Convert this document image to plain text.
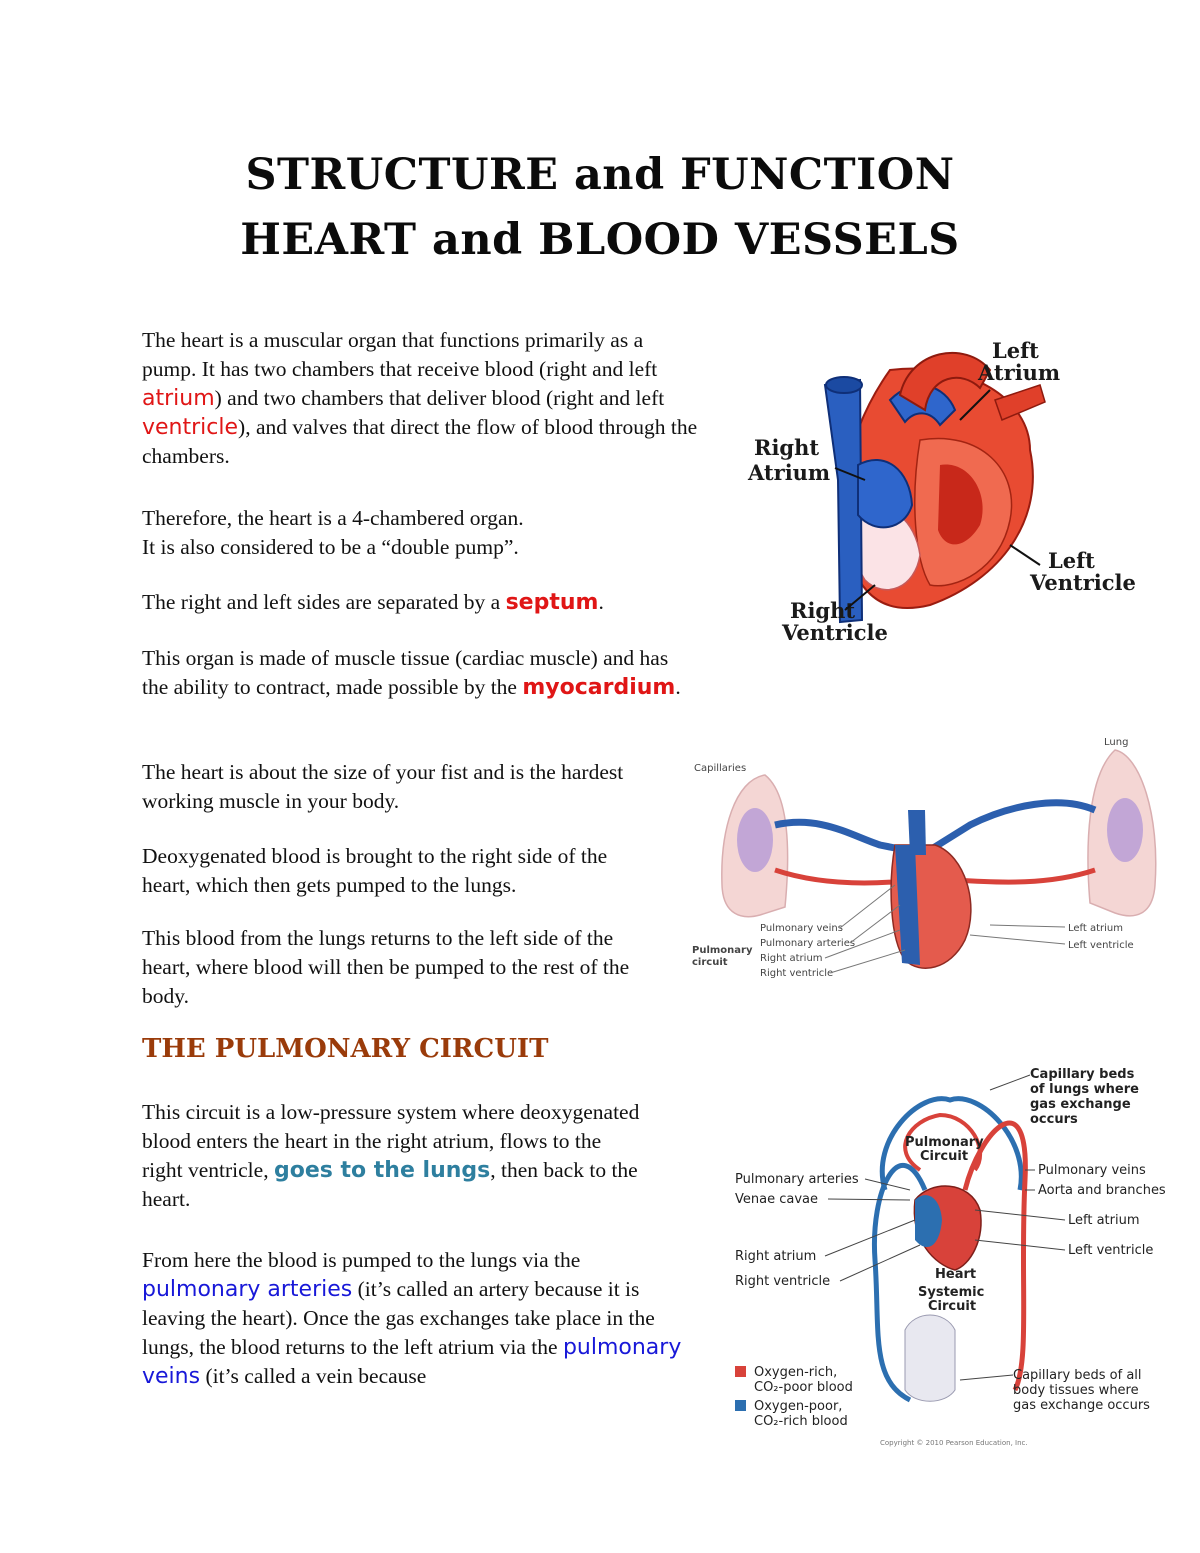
STRUCTURE and FUNCTION
HEART and BLOOD VESSELS

The heart is a muscular organ that functions primarily as a pump. It has two chambers that receive blood (right and left atrium) and two chambers that deliver blood (right and left ventricle), and valves that direct the flow of blood through the chambers.

Therefore, the heart is a 4-chambered organ.
It is also considered to be a “double pump”.

The right and left sides are separated by a septum.

This organ is made of muscle tissue (cardiac muscle) and has the ability to contract, made possible by the myocardium.

The heart is about the size of your fist and is the hardest working muscle in your body.

Deoxygenated blood is brought to the right side of the heart, which then gets pumped to the lungs.

This blood from the lungs returns to the left side of the heart, where blood will then be pumped to the rest of the body.

THE PULMONARY CIRCUIT

This circuit is a low-pressure system where deoxygenated blood enters the heart in the right atrium, flows to the right ventricle, goes to the lungs, then back to the heart.

From here the blood is pumped to the lungs via the pulmonary arteries (it’s called an artery because it is leaving the heart). Once the gas exchanges take place in the lungs, the blood returns to the left atrium via the pulmonary veins (it’s called a vein because

Left
Atrium
Right
Atrium
Left
Ventricle
Right
Ventricle
Lung
Capillaries
Pulmonary
circuit
Pulmonary veins
Pulmonary arteries
Right atrium
Right ventricle
Left atrium
Left ventricle
Capillary beds
of lungs where
gas exchange
occurs
Pulmonary
Circuit
Pulmonary arteries
Venae cavae
Pulmonary veins
Aorta and branches
Left atrium
Left ventricle
Right atrium
Right ventricle	Heart
Systemic
Circuit
Oxygen-rich,
CO₂-poor blood
Oxygen-poor,
CO₂-rich blood
Capillary beds of all
body tissues where
gas exchange occurs
Copyright © 2010 Pearson Education, Inc.
